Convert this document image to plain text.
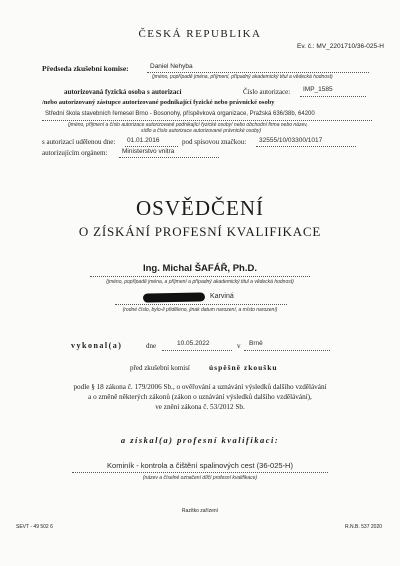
ČESKÁ REPUBLIKA
Ev. č.: MV_2201710/36-025-H
Předseda zkušební komise:	Daniel Nehyba
(jméno, popřípadě jména, příjmení, případný akademický titul a vědecká hodnost)
autorizovaná fyzická osoba s autorizací	Číslo autorizace: IMP_1585
/nebo autorizovaný zástupce autorizované podnikající fyzické nebo právnické osoby
Střední škola stavebních řemesel Brno - Bosonohy, příspěvková organizace, Pražská 636/38b, 64200
(jméno, příjmení a číslo autorizace autorizované podnikající fyzické osoby/ nebo obchodní firma nebo název,
sídlo a číslo autorizace autorizované právnické osoby)
s autorizací udělenou dne: 01.01.2016	pod spisovou značkou: 32555/10/03300/1017
autorizujícím orgánem: Ministerstvo vnitra
OSVĚDČENÍ
O ZÍSKÁNÍ PROFESNÍ KVALIFIKACE
Ing. Michal ŠAFÁŘ, Ph.D.
(jméno, popřípadě jména, a příjmení a případný akademický titul a vědecká hodnost)
Karviná
(rodné číslo, bylo-li přiděleno, jinak datum narození, a místo narození)
vykonal(a)	dne	10.05.2022	v Brně
před zkušební komisí	úspěšně zkoušku
podle § 18 zákona č. 179/2006 Sb., o ověřování a uznávání výsledků dalšího vzdělávání
a o změně některých zákonů (zákon o uznávání výsledků dalšího vzdělávání),
ve znění zákona č. 53/2012 Sb.
a získal(a) profesní kvalifikaci:
Kominík - kontrola a čištění spalinových cest (36-025-H)
(název a číselné označení dílčí profesní kvalifikace)
Razítko zařízení
SEVT - 49 502 6	R.N.B. 537 2020
